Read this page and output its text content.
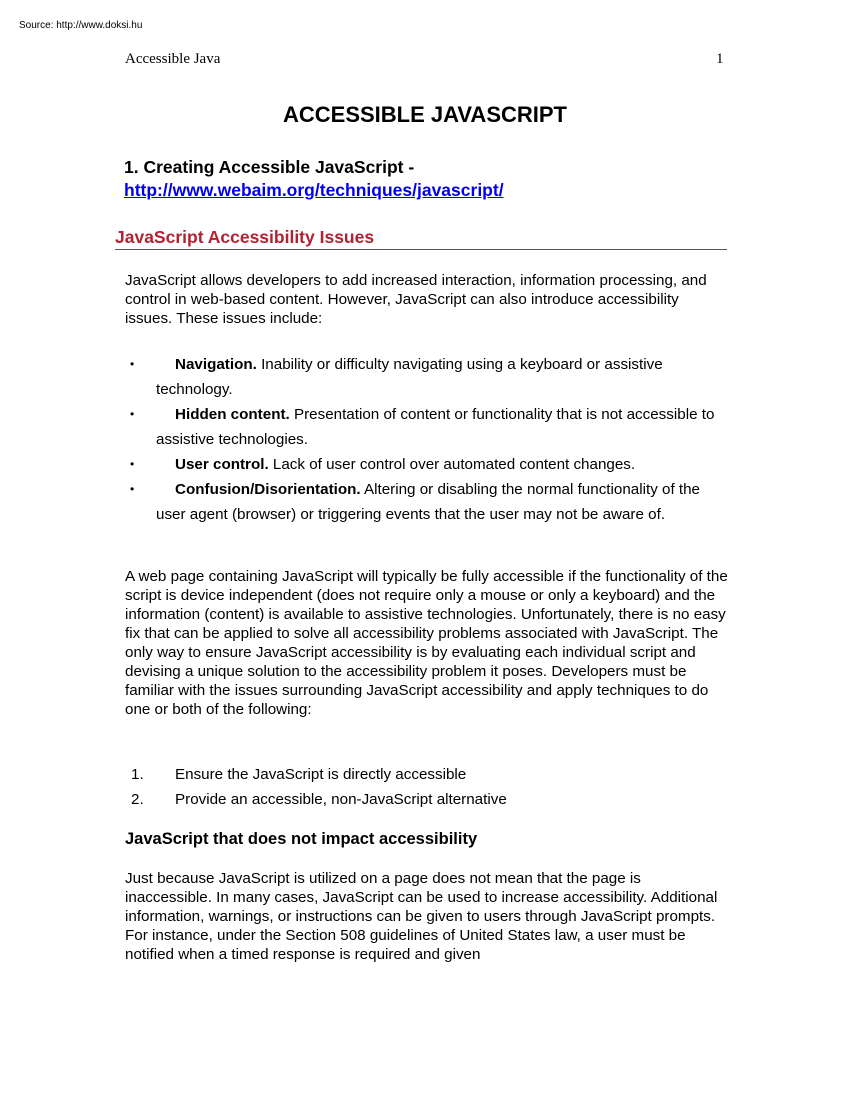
Source: http://www.doksi.hu
Accessible Java	1
ACCESSIBLE JAVASCRIPT
1. Creating Accessible JavaScript -
http://www.webaim.org/techniques/javascript/
JavaScript Accessibility Issues
JavaScript allows developers to add increased interaction, information processing, and control in web-based content. However, JavaScript can also introduce accessibility issues. These issues include:
•	Navigation. Inability or difficulty navigating using a keyboard or assistive technology.
•	Hidden content. Presentation of content or functionality that is not accessible to assistive technologies.
•	User control. Lack of user control over automated content changes.
•	Confusion/Disorientation. Altering or disabling the normal functionality of the user agent (browser) or triggering events that the user may not be aware of.
A web page containing JavaScript will typically be fully accessible if the functionality of the script is device independent (does not require only a mouse or only a keyboard) and the information (content) is available to assistive technologies. Unfortunately, there is no easy fix that can be applied to solve all accessibility problems associated with JavaScript. The only way to ensure JavaScript accessibility is by evaluating each individual script and devising a unique solution to the accessibility problem it poses. Developers must be familiar with the issues surrounding JavaScript accessibility and apply techniques to do one or both of the following:
1. Ensure the JavaScript is directly accessible
2. Provide an accessible, non-JavaScript alternative
JavaScript that does not impact accessibility
Just because JavaScript is utilized on a page does not mean that the page is inaccessible. In many cases, JavaScript can be used to increase accessibility. Additional information, warnings, or instructions can be given to users through JavaScript prompts. For instance, under the Section 508 guidelines of United States law, a user must be notified when a timed response is required and given
